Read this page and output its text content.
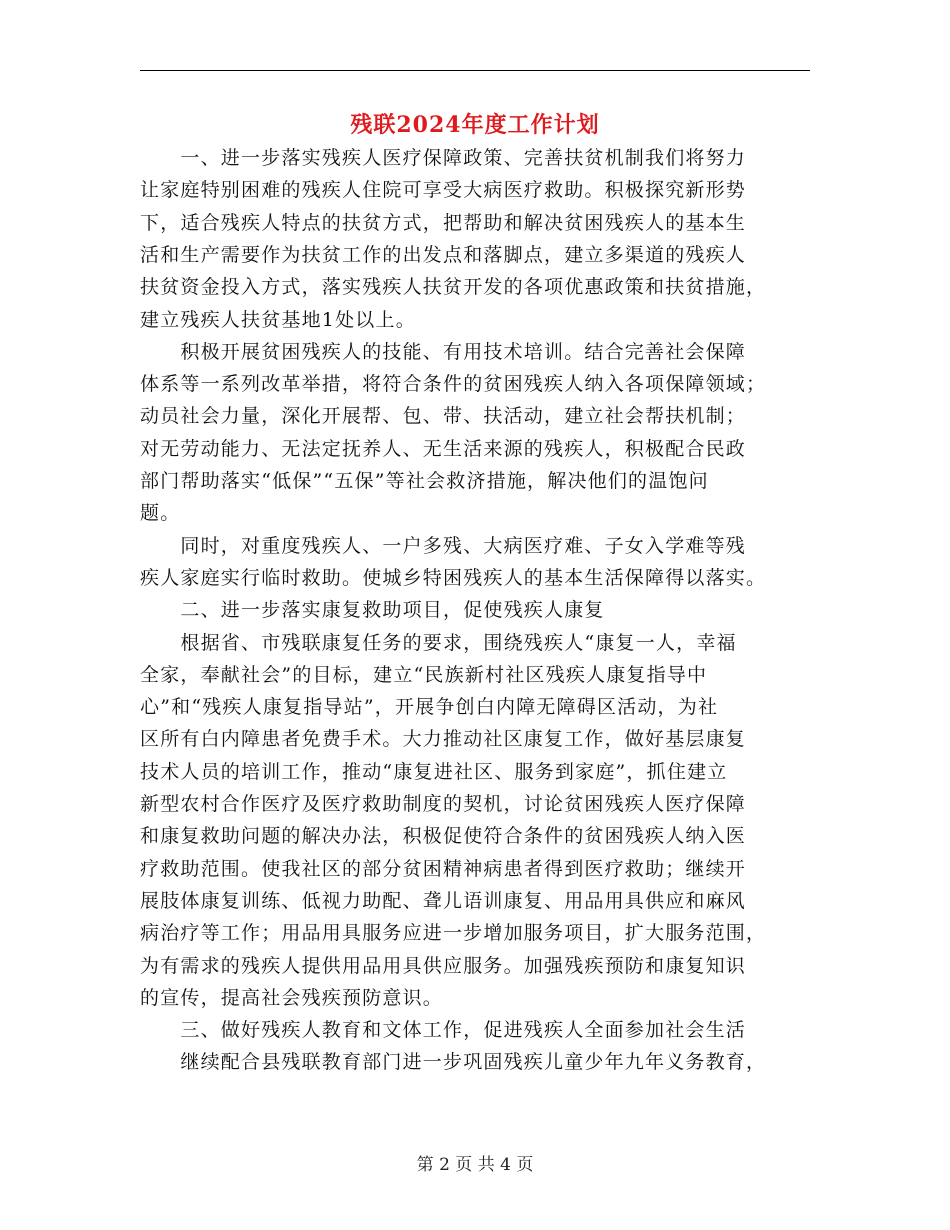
残联2024年度工作计划
　　一、进一步落实残疾人医疗保障政策、完善扶贫机制我们将努力
让家庭特别困难的残疾人住院可享受大病医疗救助。积极探究新形势
下，适合残疾人特点的扶贫方式，把帮助和解决贫困残疾人的基本生
活和生产需要作为扶贫工作的出发点和落脚点，建立多渠道的残疾人
扶贫资金投入方式，落实残疾人扶贫开发的各项优惠政策和扶贫措施，
建立残疾人扶贫基地1处以上。
　　积极开展贫困残疾人的技能、有用技术培训。结合完善社会保障
体系等一系列改革举措，将符合条件的贫困残疾人纳入各项保障领域；
动员社会力量，深化开展帮、包、带、扶活动，建立社会帮扶机制；
对无劳动能力、无法定抚养人、无生活来源的残疾人，积极配合民政
部门帮助落实“低保”“五保”等社会救济措施，解决他们的温饱问
题。
　　同时，对重度残疾人、一户多残、大病医疗难、子女入学难等残
疾人家庭实行临时救助。使城乡特困残疾人的基本生活保障得以落实。
　　二、进一步落实康复救助项目，促使残疾人康复
　　根据省、市残联康复任务的要求，围绕残疾人“康复一人，幸福
全家，奉献社会”的目标，建立“民族新村社区残疾人康复指导中
心”和“残疾人康复指导站”，开展争创白内障无障碍区活动，为社
区所有白内障患者免费手术。大力推动社区康复工作，做好基层康复
技术人员的培训工作，推动“康复进社区、服务到家庭”，抓住建立
新型农村合作医疗及医疗救助制度的契机，讨论贫困残疾人医疗保障
和康复救助问题的解决办法，积极促使符合条件的贫困残疾人纳入医
疗救助范围。使我社区的部分贫困精神病患者得到医疗救助；继续开
展肢体康复训练、低视力助配、聋儿语训康复、用品用具供应和麻风
病治疗等工作；用品用具服务应进一步增加服务项目，扩大服务范围，
为有需求的残疾人提供用品用具供应服务。加强残疾预防和康复知识
的宣传，提高社会残疾预防意识。
　　三、做好残疾人教育和文体工作，促进残疾人全面参加社会生活
　　继续配合县残联教育部门进一步巩固残疾儿童少年九年义务教育，
第 2 页 共 4 页
